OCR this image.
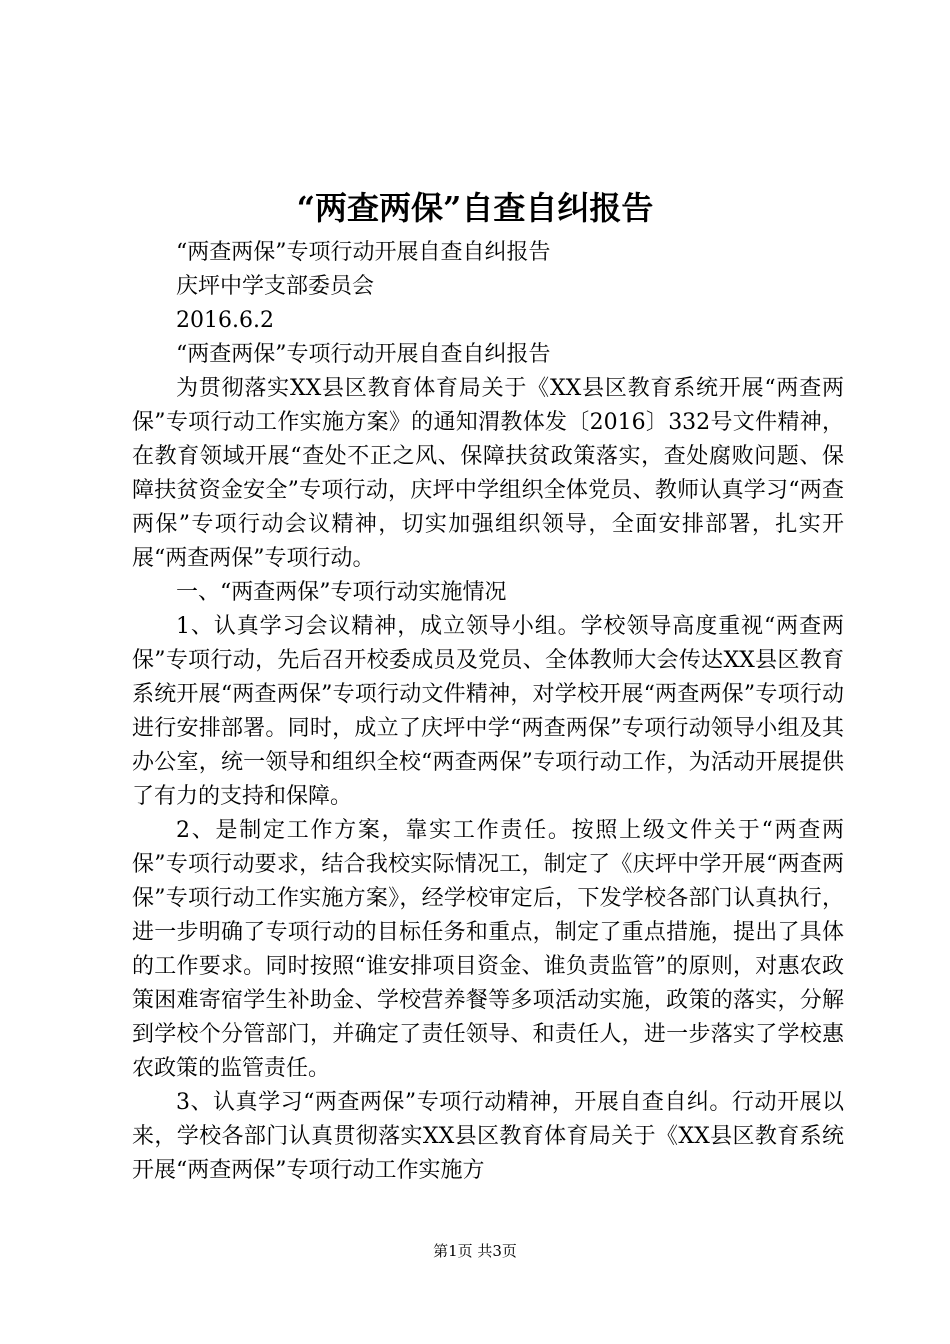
“两查两保”自查自纠报告

“两查两保”专项行动开展自查自纠报告

庆坪中学支部委员会

2016.6.2

“两查两保”专项行动开展自查自纠报告

为贯彻落实XX县区教育体育局关于《XX县区教育系统开展“两查两保”专项行动工作实施方案》的通知渭教体发〔2016〕332号文件精神，在教育领域开展“查处不正之风、保障扶贫政策落实，查处腐败问题、保障扶贫资金安全”专项行动，庆坪中学组织全体党员、教师认真学习“两查两保”专项行动会议精神，切实加强组织领导，全面安排部署，扎实开展“两查两保”专项行动。

一、“两查两保”专项行动实施情况

1、认真学习会议精神，成立领导小组。学校领导高度重视“两查两保”专项行动，先后召开校委成员及党员、全体教师大会传达XX县区教育系统开展“两查两保”专项行动文件精神，对学校开展“两查两保”专项行动进行安排部署。同时，成立了庆坪中学“两查两保”专项行动领导小组及其办公室，统一领导和组织全校“两查两保”专项行动工作，为活动开展提供了有力的支持和保障。

2、是制定工作方案，靠实工作责任。按照上级文件关于“两查两保”专项行动要求，结合我校实际情况工，制定了《庆坪中学开展“两查两保”专项行动工作实施方案》，经学校审定后，下发学校各部门认真执行，进一步明确了专项行动的目标任务和重点，制定了重点措施，提出了具体的工作要求。同时按照“谁安排项目资金、谁负责监管”的原则，对惠农政策困难寄宿学生补助金、学校营养餐等多项活动实施，政策的落实，分解到学校个分管部门，并确定了责任领导、和责任人，进一步落实了学校惠农政策的监管责任。

3、认真学习“两查两保”专项行动精神，开展自查自纠。行动开展以来，学校各部门认真贯彻落实XX县区教育体育局关于《XX县区教育系统开展“两查两保”专项行动工作实施方

第1页 共3页
